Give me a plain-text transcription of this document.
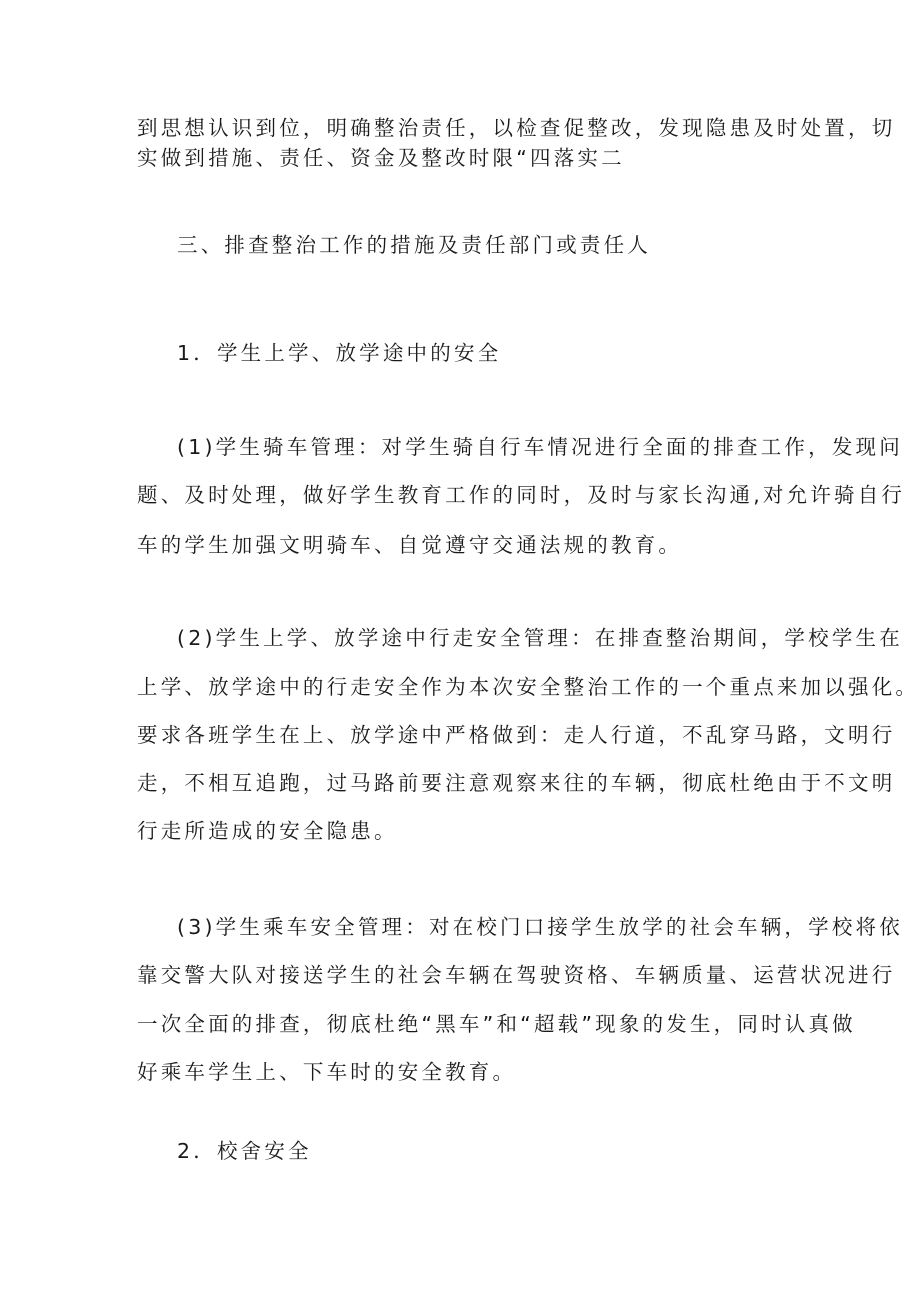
到思想认识到位，明确整治责任，以检查促整改，发现隐患及时处置，切
实做到措施、责任、资金及整改时限“四落实二
三、排查整治工作的措施及责任部门或责任人
1．学生上学、放学途中的安全
(1)学生骑车管理：对学生骑自行车情况进行全面的排查工作，发现问
题、及时处理，做好学生教育工作的同时，及时与家长沟通,对允许骑自行
车的学生加强文明骑车、自觉遵守交通法规的教育。
(2)学生上学、放学途中行走安全管理：在排查整治期间，学校学生在
上学、放学途中的行走安全作为本次安全整治工作的一个重点来加以强化。
要求各班学生在上、放学途中严格做到：走人行道，不乱穿马路，文明行
走，不相互追跑，过马路前要注意观察来往的车辆，彻底杜绝由于不文明
行走所造成的安全隐患。
(3)学生乘车安全管理：对在校门口接学生放学的社会车辆，学校将依
靠交警大队对接送学生的社会车辆在驾驶资格、车辆质量、运营状况进行
一次全面的排查，彻底杜绝“黑车”和“超载”现象的发生，同时认真做
好乘车学生上、下车时的安全教育。
2．校舍安全
